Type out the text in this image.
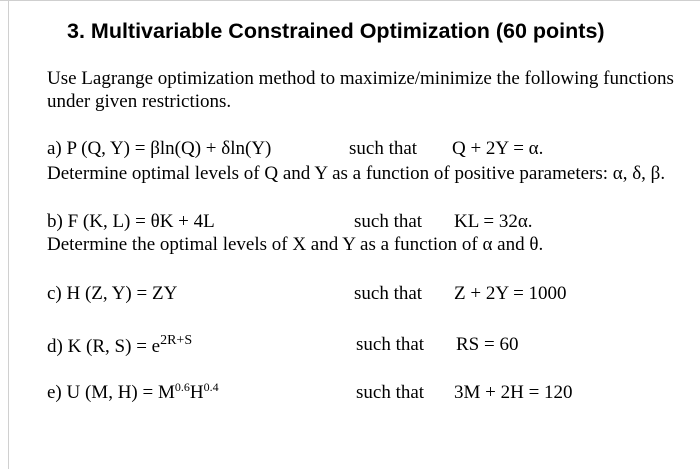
3. Multivariable Constrained Optimization (60 points)
Use Lagrange optimization method to maximize/minimize the following functions
under given restrictions.
a) P (Q, Y) = βln(Q) + δln(Y)	such that Q + 2Y = α.
Determine optimal levels of Q and Y as a function of positive parameters: α, δ, β.
b) F (K, L) = θK + 4L	such that KL = 32α.
Determine the optimal levels of X and Y as a function of α and θ.
c) H (Z, Y) = ZY	such that Z + 2Y = 1000
d) K (R, $S) = e^{2R+S}$	such that RS = 60
e) U (M, $H) = M^{0.6}H^{0.4}$	such that 3M + 2H = 120
